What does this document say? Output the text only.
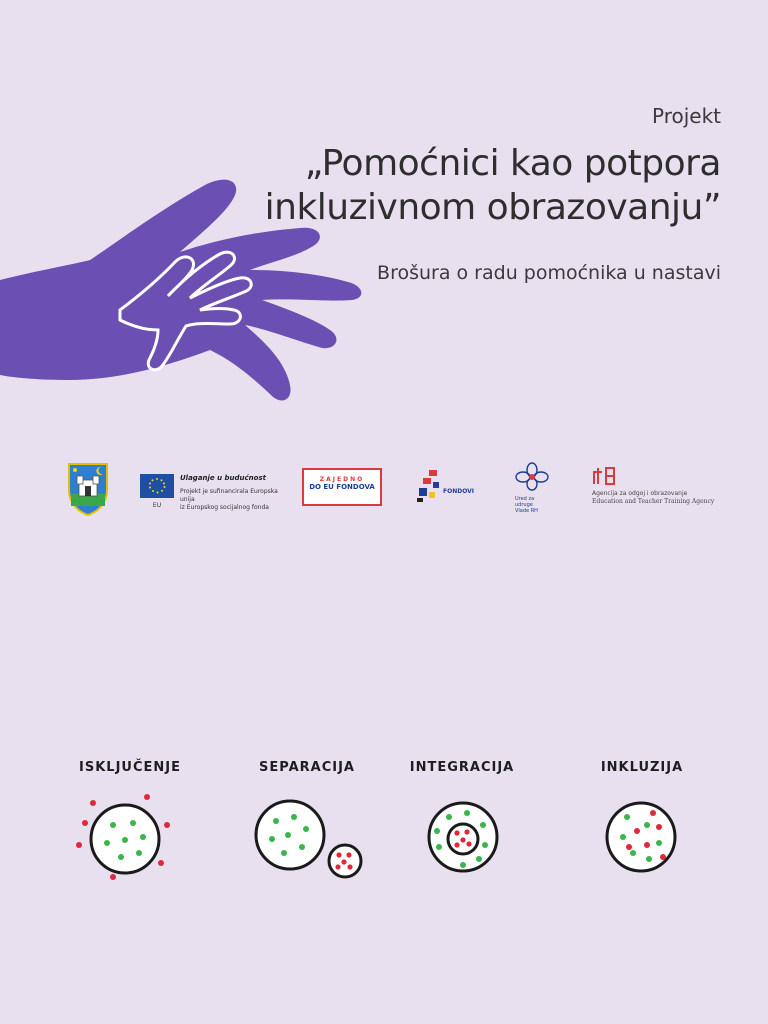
Projekt
„Pomoćnici kao potpora
inkluzivnom obrazovanju”
Brošura o radu pomoćnika u nastavi
EU
Ulaganje u budućnost
Projekt je sufinancirala Europska unija
iz Europskog socijalnog fonda
ZAJEDNO
DO EU FONDOVA
FONDOVI
Ured za
udruge
Vlade RH
Agencija za odgoj i obrazovanje
Education and Teacher Training Agency
ISKLJUČENJE	SEPARACIJA	INTEGRACIJA	INKLUZIJA
